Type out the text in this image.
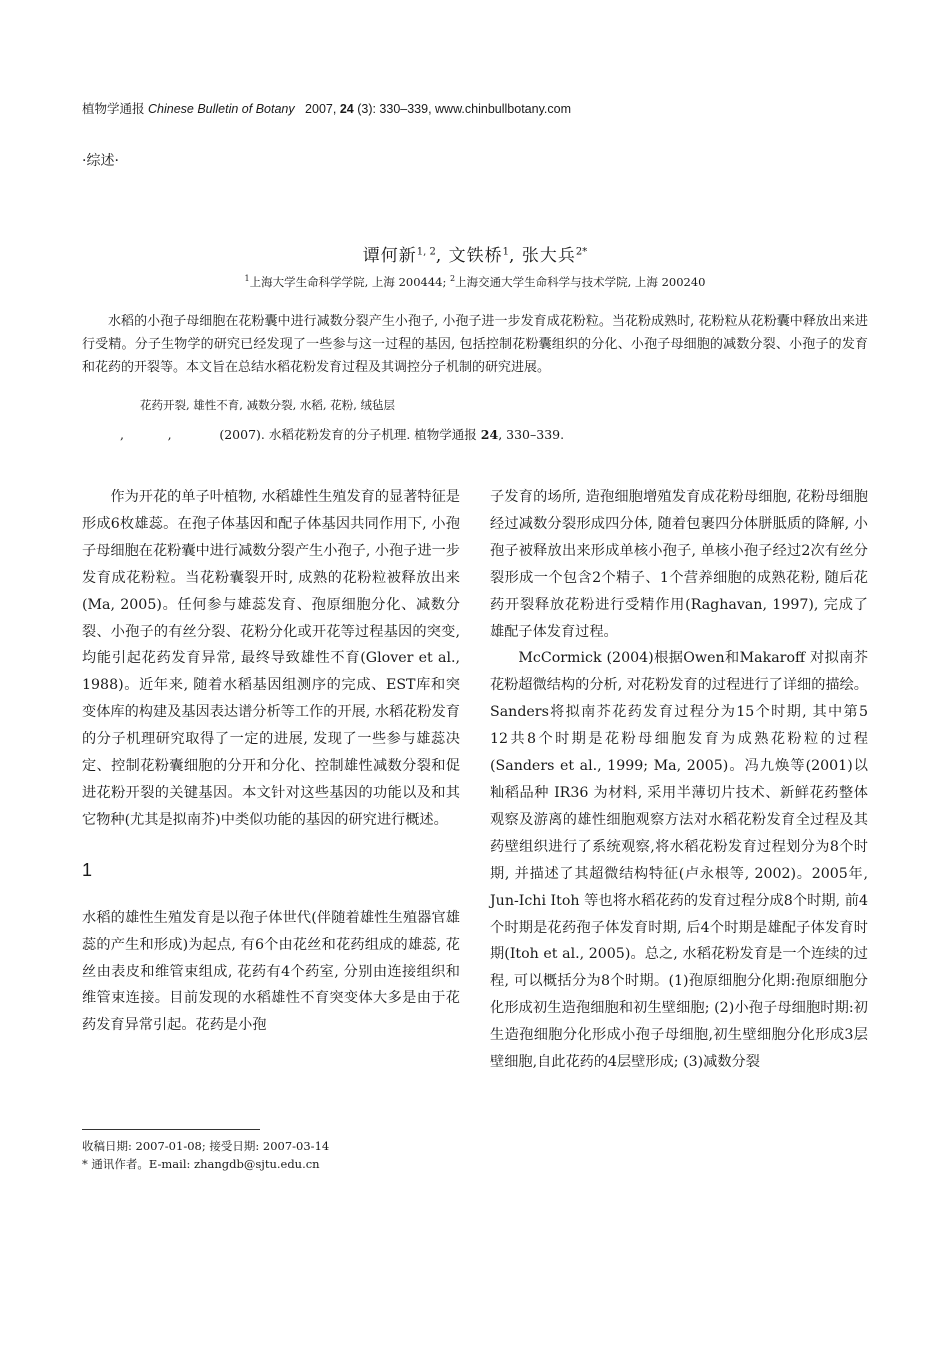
植物学通报 Chinese Bulletin of Botany 2007, 24 (3): 330–339, www.chinbullbotany.com
·综述·
谭何新$^{1, 2}$, 文铁桥$^1$, 张大兵$^{2*}$
$^1$上海大学生命科学学院, 上海 200444; $^2$上海交通大学生命科学与技术学院, 上海 200240
水稻的小孢子母细胞在花粉囊中进行减数分裂产生小孢子, 小孢子进一步发育成花粉粒。当花粉成熟时, 花粉粒从花粉囊中释放出来进行受精。分子生物学的研究已经发现了一些参与这一过程的基因, 包括控制花粉囊组织的分化、小孢子母细胞的减数分裂、小孢子的发育和花药的开裂等。本文旨在总结水稻花粉发育过程及其调控分子机制的研究进展。
花药开裂, 雄性不育, 减数分裂, 水稻, 花粉, 绒毡层
,           ,            (2007). 水稻花粉发育的分子机理. 植物学通报 24, 330–339.

作为开花的单子叶植物, 水稻雄性生殖发育的显著特征是形成6枚雄蕊。在孢子体基因和配子体基因共同作用下, 小孢子母细胞在花粉囊中进行减数分裂产生小孢子, 小孢子进一步发育成花粉粒。当花粉囊裂开时, 成熟的花粉粒被释放出来(Ma, 2005)。任何参与雄蕊发育、孢原细胞分化、减数分裂、小孢子的有丝分裂、花粉分化或开花等过程基因的突变, 均能引起花药发育异常, 最终导致雄性不育(Glover et al., 1988)。近年来, 随着水稻基因组测序的完成、EST库和突变体库的构建及基因表达谱分析等工作的开展, 水稻花粉发育的分子机理研究取得了一定的进展, 发现了一些参与雄蕊决定、控制花粉囊细胞的分开和分化、控制雄性减数分裂和促进花粉开裂的关键基因。本文针对这些基因的功能以及和其它物种(尤其是拟南芥)中类似功能的基因的研究进行概述。

1

水稻的雄性生殖发育是以孢子体世代(伴随着雄性生殖器官雄蕊的产生和形成)为起点, 有6个由花丝和花药组成的雄蕊, 花丝由表皮和维管束组成, 花药有4个药室, 分别由连接组织和维管束连接。目前发现的水稻雄性不育突变体大多是由于花药发育异常引起。花药是小孢

子发育的场所, 造孢细胞增殖发育成花粉母细胞, 花粉母细胞经过减数分裂形成四分体, 随着包裹四分体胼胝质的降解, 小孢子被释放出来形成单核小孢子, 单核小孢子经过2次有丝分裂形成一个包含2个精子、1个营养细胞的成熟花粉, 随后花药开裂释放花粉进行受精作用(Raghavan, 1997), 完成了雄配子体发育过程。

McCormick (2004)根据Owen和Makaroff 对拟南芥花粉超微结构的分析, 对花粉发育的过程进行了详细的描绘。Sanders将拟南芥花药发育过程分为15个时期, 其中第5　12共8个时期是花粉母细胞发育为成熟花粉粒的过程(Sanders et al., 1999; Ma, 2005)。冯九焕等(2001)以籼稻品种 IR36 为材料, 采用半薄切片技术、新鲜花药整体观察及游离的雄性细胞观察方法对水稻花粉发育全过程及其药壁组织进行了系统观察,将水稻花粉发育过程划分为8个时期, 并描述了其超微结构特征(卢永根等, 2002)。2005年, Jun-Ichi Itoh 等也将水稻花药的发育过程分成8个时期, 前4个时期是花药孢子体发育时期, 后4个时期是雄配子体发育时期(Itoh et al., 2005)。总之, 水稻花粉发育是一个连续的过程, 可以概括分为8个时期。(1)孢原细胞分化期:孢原细胞分化形成初生造孢细胞和初生壁细胞; (2)小孢子母细胞时期:初生造孢细胞分化形成小孢子母细胞,初生壁细胞分化形成3层壁细胞,自此花药的4层壁形成; (3)减数分裂

收稿日期: 2007-01-08; 接受日期: 2007-03-14
* 通讯作者。E-mail: zhangdb@sjtu.edu.cn
